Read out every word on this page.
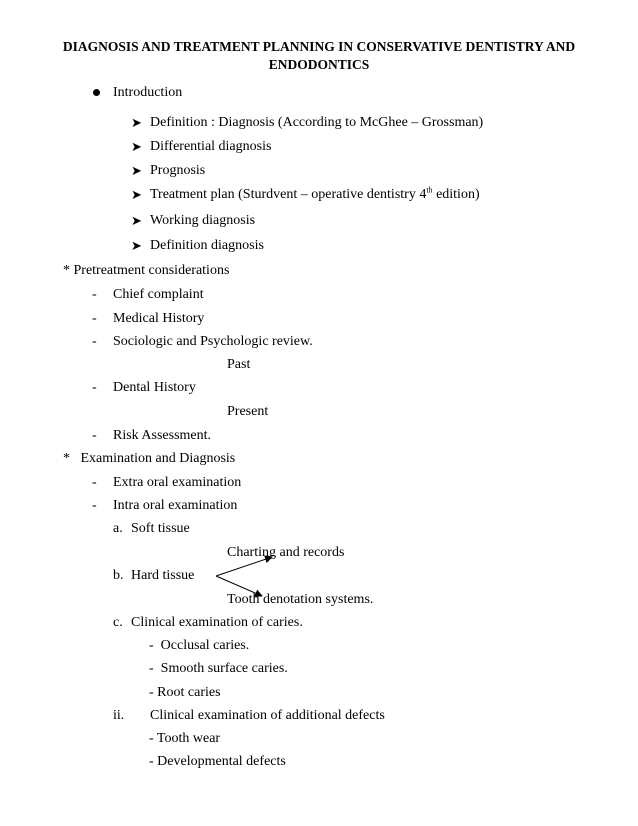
DIAGNOSIS AND TREATMENT PLANNING IN CONSERVATIVE DENTISTRY AND ENDODONTICS
Introduction
➤ Definition : Diagnosis (According to McGhee – Grossman)
➤ Differential diagnosis
➤ Prognosis
➤ Treatment plan (Sturdvent – operative dentistry 4th edition)
➤ Working diagnosis
➤ Definition diagnosis
* Pretreatment considerations
- Chief complaint
- Medical History
- Sociologic and Psychologic review.
Past
- Dental History
Present
- Risk Assessment.
*   Examination and Diagnosis
- Extra oral examination
- Intra oral examination
a. Soft tissue
Charting and records
b. Hard tissue
Tooth denotation systems.
c. Clinical examination of caries.
-  Occlusal caries.
-  Smooth surface caries.
- Root caries
ii. Clinical examination of additional defects
- Tooth wear
- Developmental defects
